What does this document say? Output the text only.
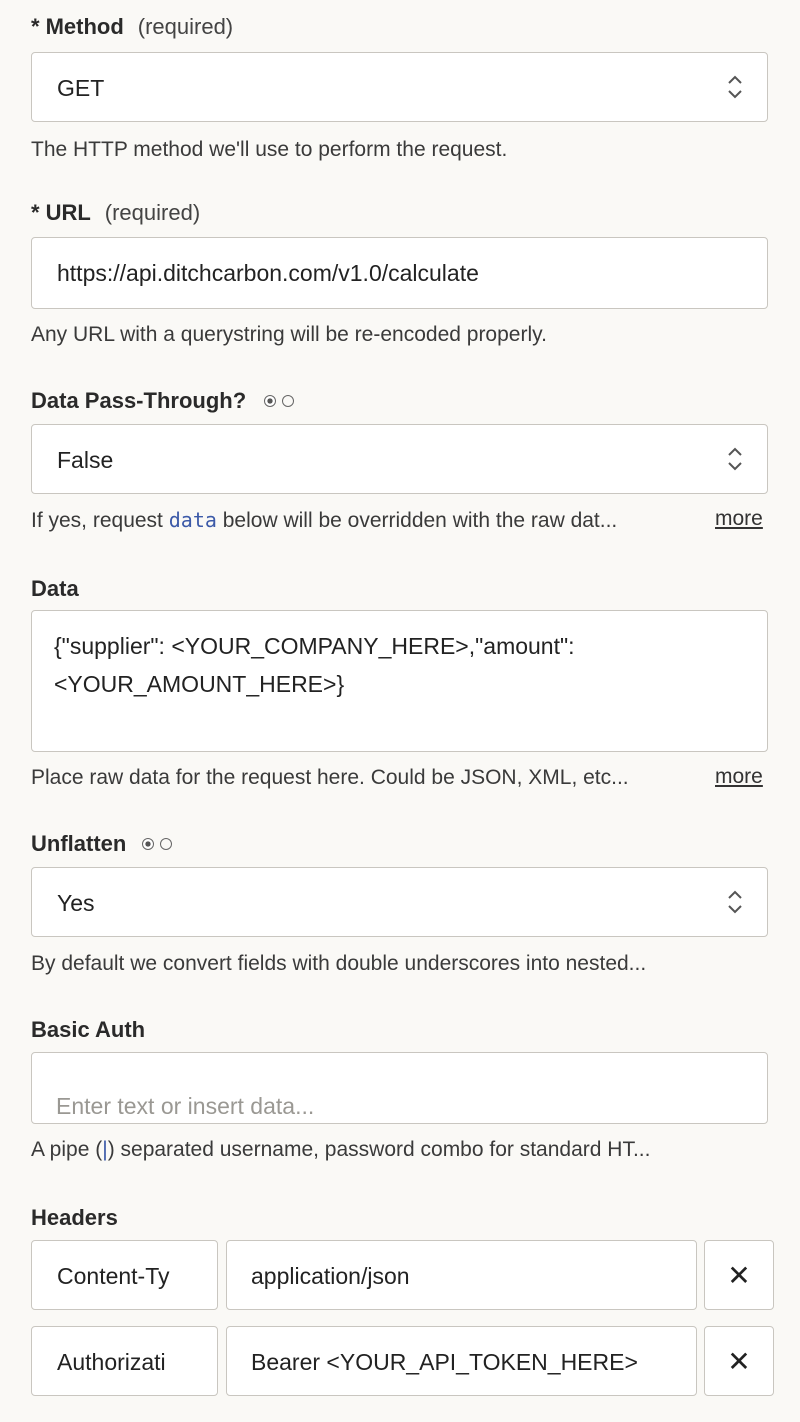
* Method (required)
GET
The HTTP method we'll use to perform the request.
* URL (required)
https://api.ditchcarbon.com/v1.0/calculate
Any URL with a querystring will be re-encoded properly.
Data Pass-Through?
False
If yes, request data below will be overridden with the raw dat...	more
Data
{"supplier": <YOUR_COMPANY_HERE>,"amount":
<YOUR_AMOUNT_HERE>}
Place raw data for the request here. Could be JSON, XML, etc...	more
Unflatten
Yes
By default we convert fields with double underscores into nested...
Basic Auth
Enter text or insert data...
A pipe (|) separated username, password combo for standard HT...
Headers
Content-Ty	application/json	✕
Authorizati	Bearer <YOUR_API_TOKEN_HERE>	✕
